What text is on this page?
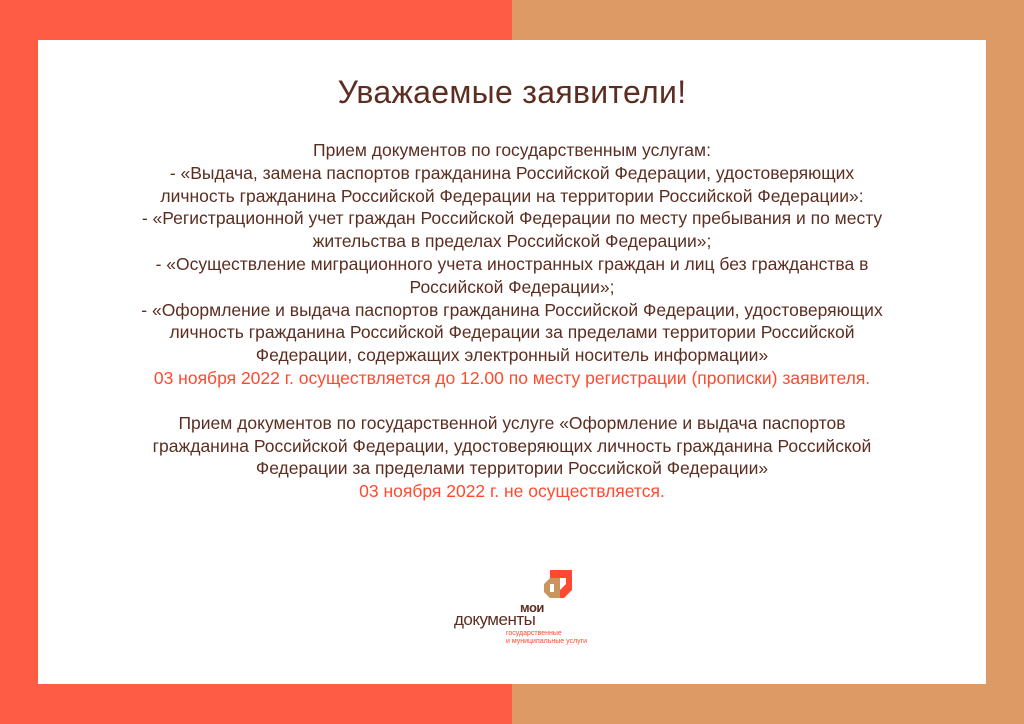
Уважаемые заявители!
Прием документов по государственным услугам:
- «Выдача, замена паспортов гражданина Российской Федерации, удостоверяющих
личность гражданина Российской Федерации на территории Российской Федерации»:
- «Регистрационной учет граждан Российской Федерации по месту пребывания и по месту
жительства в пределах Российской Федерации»;
- «Осуществление миграционного учета иностранных граждан и лиц без гражданства в
Российской Федерации»;
- «Оформление и выдача паспортов гражданина Российской Федерации, удостоверяющих
личность гражданина Российской Федерации за пределами территории Российской
Федерации, содержащих электронный носитель информации»
03 ноября 2022 г. осуществляется до 12.00 по месту регистрации (прописки) заявителя.
Прием документов по государственной услуге «Оформление и выдача паспортов
гражданина Российской Федерации, удостоверяющих личность гражданина Российской
Федерации за пределами территории Российской Федерации»
03 ноября 2022 г. не осуществляется.
мои
документы
государственные
и муниципальные услуги
